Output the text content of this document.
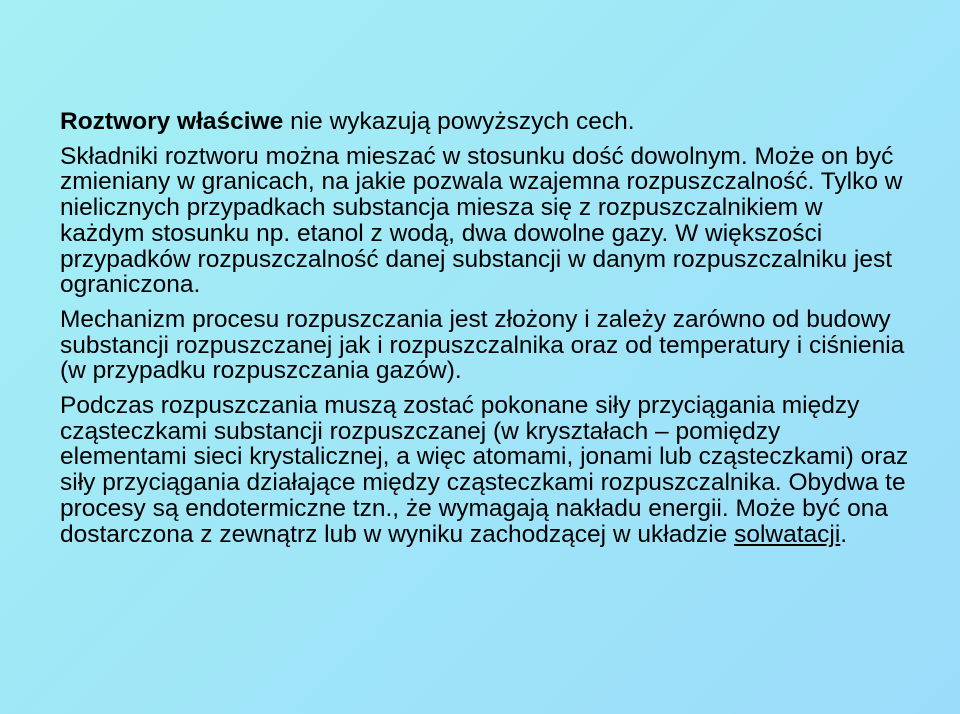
Roztwory właściwe nie wykazują powyższych cech.

Składniki roztworu można mieszać w stosunku dość dowolnym. Może on być zmieniany w granicach, na jakie pozwala wzajemna rozpuszczalność. Tylko w nielicznych przypadkach substancja miesza się z rozpuszczalnikiem w każdym stosunku np. etanol z wodą, dwa dowolne gazy. W większości przypadków rozpuszczalność danej substancji w danym rozpuszczalniku jest ograniczona.

Mechanizm procesu rozpuszczania jest złożony i zależy zarówno od budowy substancji rozpuszczanej jak i rozpuszczalnika oraz od temperatury i ciśnienia (w przypadku rozpuszczania gazów).

Podczas rozpuszczania muszą zostać pokonane siły przyciągania między cząsteczkami substancji rozpuszczanej (w kryształach – pomiędzy elementami sieci krystalicznej, a więc atomami, jonami lub cząsteczkami) oraz siły przyciągania działające między cząsteczkami rozpuszczalnika. Obydwa te procesy są endotermiczne tzn., że wymagają nakładu energii. Może być ona dostarczona z zewnątrz lub w wyniku zachodzącej w układzie solwatacji.
